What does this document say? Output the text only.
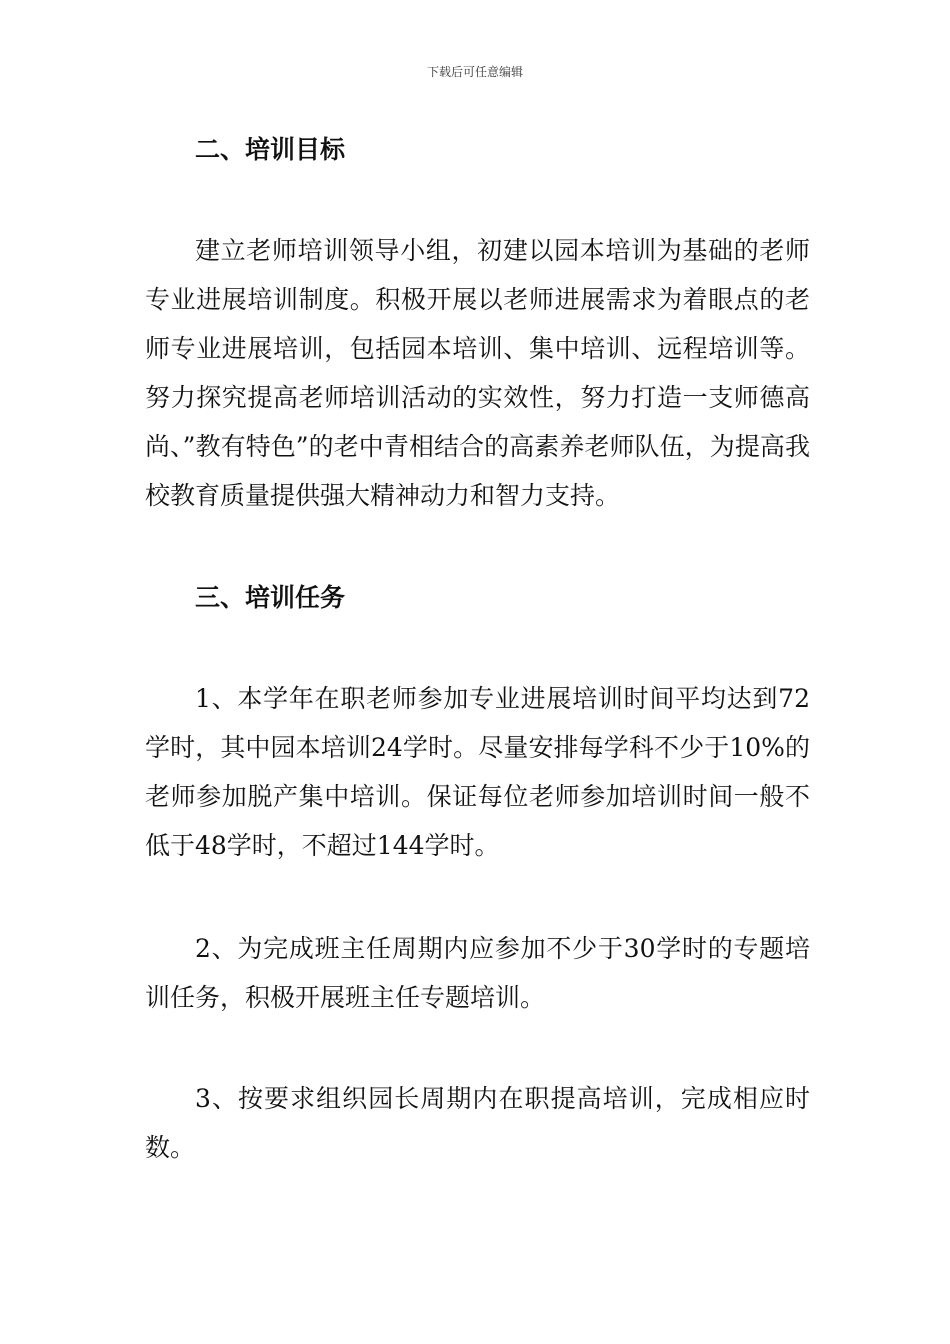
下载后可任意编辑
二、培训目标

建立老师培训领导小组，初建以园本培训为基础的老师专业进展培训制度。积极开展以老师进展需求为着眼点的老师专业进展培训，包括园本培训、集中培训、远程培训等。努力探究提高老师培训活动的实效性，努力打造一支师德高尚、”教有特色”的老中青相结合的高素养老师队伍，为提高我校教育质量提供强大精神动力和智力支持。

三、培训任务

1、本学年在职老师参加专业进展培训时间平均达到72学时，其中园本培训24学时。尽量安排每学科不少于10%的老师参加脱产集中培训。保证每位老师参加培训时间一般不低于48学时，不超过144学时。

2、为完成班主任周期内应参加不少于30学时的专题培训任务，积极开展班主任专题培训。

3、按要求组织园长周期内在职提高培训，完成相应时数。
